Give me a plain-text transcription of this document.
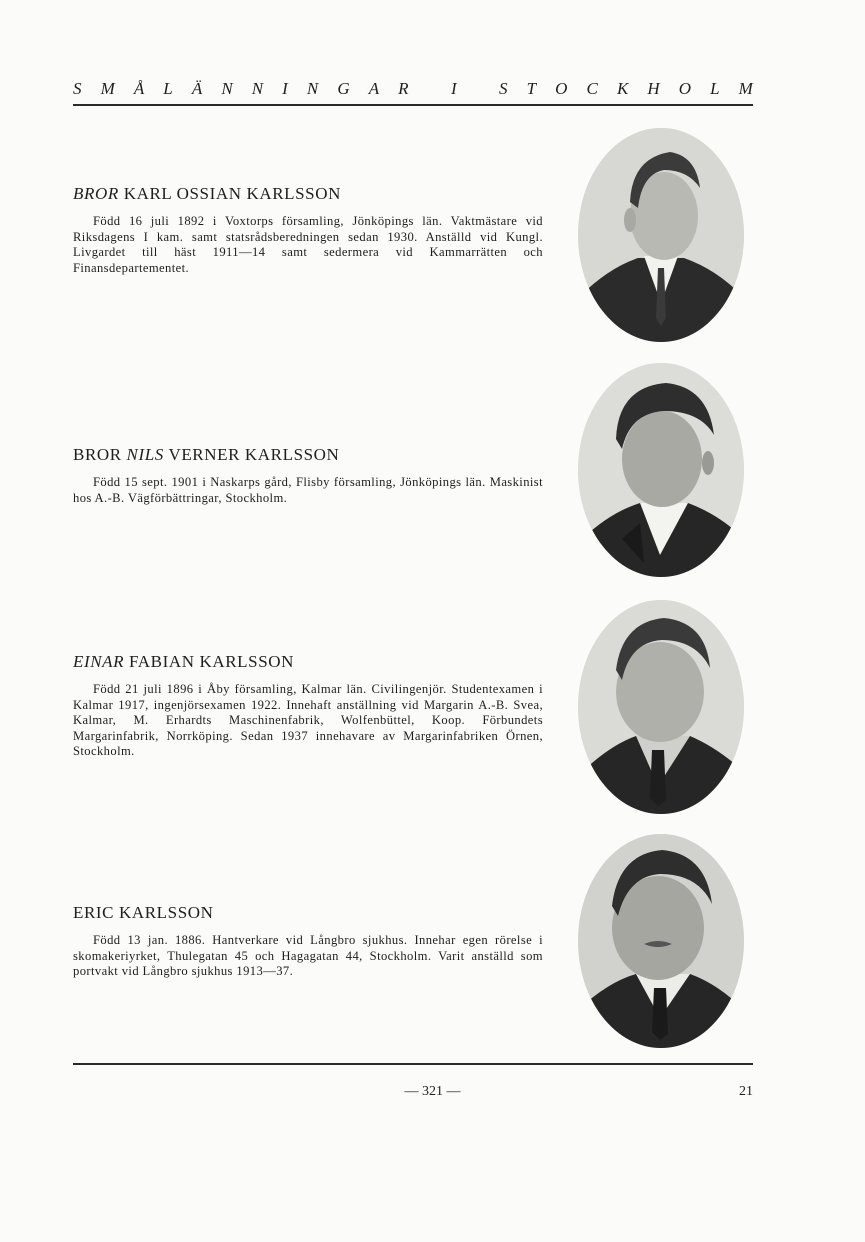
S M Å L Ä N N I N G A R
I
S T O C K H O L M
BROR KARL OSSIAN KARLSSON

Född 16 juli 1892 i Voxtorps församling, Jönköpings län. Vaktmästare vid Riksdagens I kam. samt statsrådsberedningen sedan 1930. Anställd vid Kungl. Livgardet till häst 1911—14 samt sedermera vid Kammarrätten och Finansdepartementet.

BROR NILS VERNER KARLSSON

Född 15 sept. 1901 i Naskarps gård, Flisby församling, Jönköpings län. Maskinist hos A.-B. Vägförbättringar, Stockholm.

EINAR FABIAN KARLSSON

Född 21 juli 1896 i Åby församling, Kalmar län. Civilingenjör. Studentexamen i Kalmar 1917, ingenjörsexamen 1922. Innehaft anställning vid Margarin A.-B. Svea, Kalmar, M. Erhardts Maschinenfabrik, Wolfenbüttel, Koop. Förbundets Margarinfabrik, Norrköping. Sedan 1937 innehavare av Margarinfabriken Örnen, Stockholm.

ERIC KARLSSON

Född 13 jan. 1886. Hantverkare vid Långbro sjukhus. Innehar egen rörelse i skomakeriyrket, Thulegatan 45 och Hagagatan 44, Stockholm. Varit anställd som portvakt vid Långbro sjukhus 1913—37.

— 321 —	21
